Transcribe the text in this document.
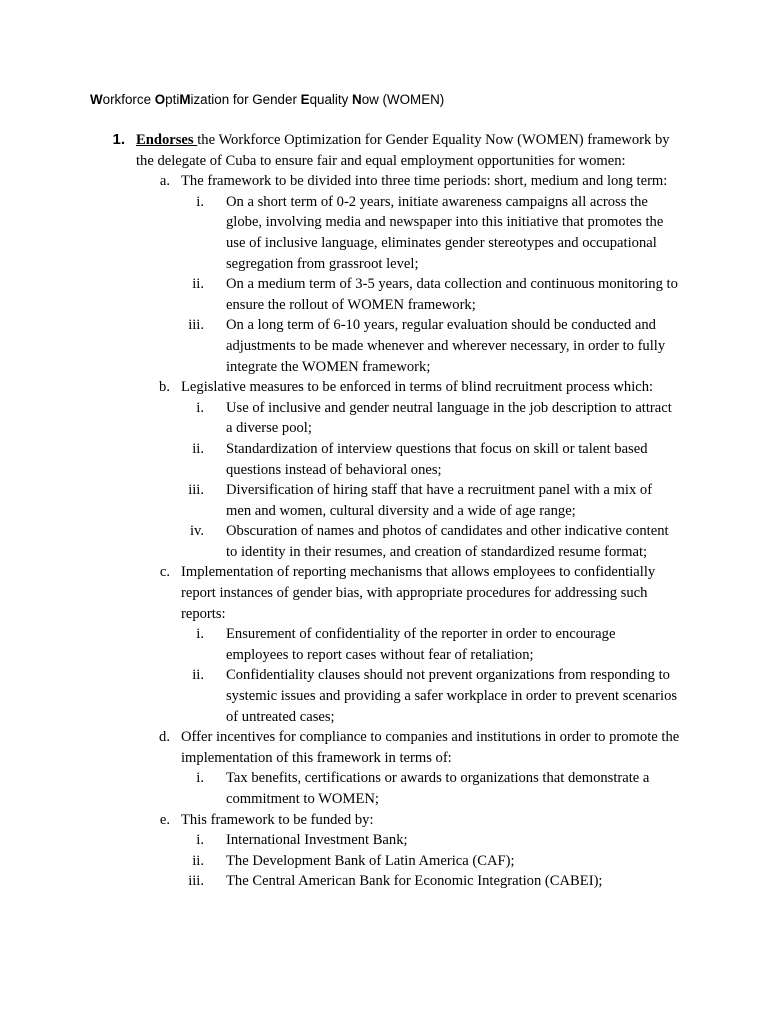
Workforce OptiMization for Gender Equality Now (WOMEN)
1. Endorses the Workforce Optimization for Gender Equality Now (WOMEN) framework by the delegate of Cuba to ensure fair and equal employment opportunities for women:
a. The framework to be divided into three time periods: short, medium and long term:
i. On a short term of 0-2 years, initiate awareness campaigns all across the globe, involving media and newspaper into this initiative that promotes the use of inclusive language, eliminates gender stereotypes and occupational segregation from grassroot level;
ii. On a medium term of 3-5 years, data collection and continuous monitoring to ensure the rollout of WOMEN framework;
iii. On a long term of 6-10 years, regular evaluation should be conducted and adjustments to be made whenever and wherever necessary, in order to fully integrate the WOMEN framework;
b. Legislative measures to be enforced in terms of blind recruitment process which:
i. Use of inclusive and gender neutral language in the job description to attract a diverse pool;
ii. Standardization of interview questions that focus on skill or talent based questions instead of behavioral ones;
iii. Diversification of hiring staff that have a recruitment panel with a mix of men and women, cultural diversity and a wide of age range;
iv. Obscuration of names and photos of candidates and other indicative content to identity in their resumes, and creation of standardized resume format;
c. Implementation of reporting mechanisms that allows employees to confidentially report instances of gender bias, with appropriate procedures for addressing such reports:
i. Ensurement of confidentiality of the reporter in order to encourage employees to report cases without fear of retaliation;
ii. Confidentiality clauses should not prevent organizations from responding to systemic issues and providing a safer workplace in order to prevent scenarios of untreated cases;
d. Offer incentives for compliance to companies and institutions in order to promote the implementation of this framework in terms of:
i. Tax benefits, certifications or awards to organizations that demonstrate a commitment to WOMEN;
e. This framework to be funded by:
i. International Investment Bank;
ii. The Development Bank of Latin America (CAF);
iii. The Central American Bank for Economic Integration (CABEI);
